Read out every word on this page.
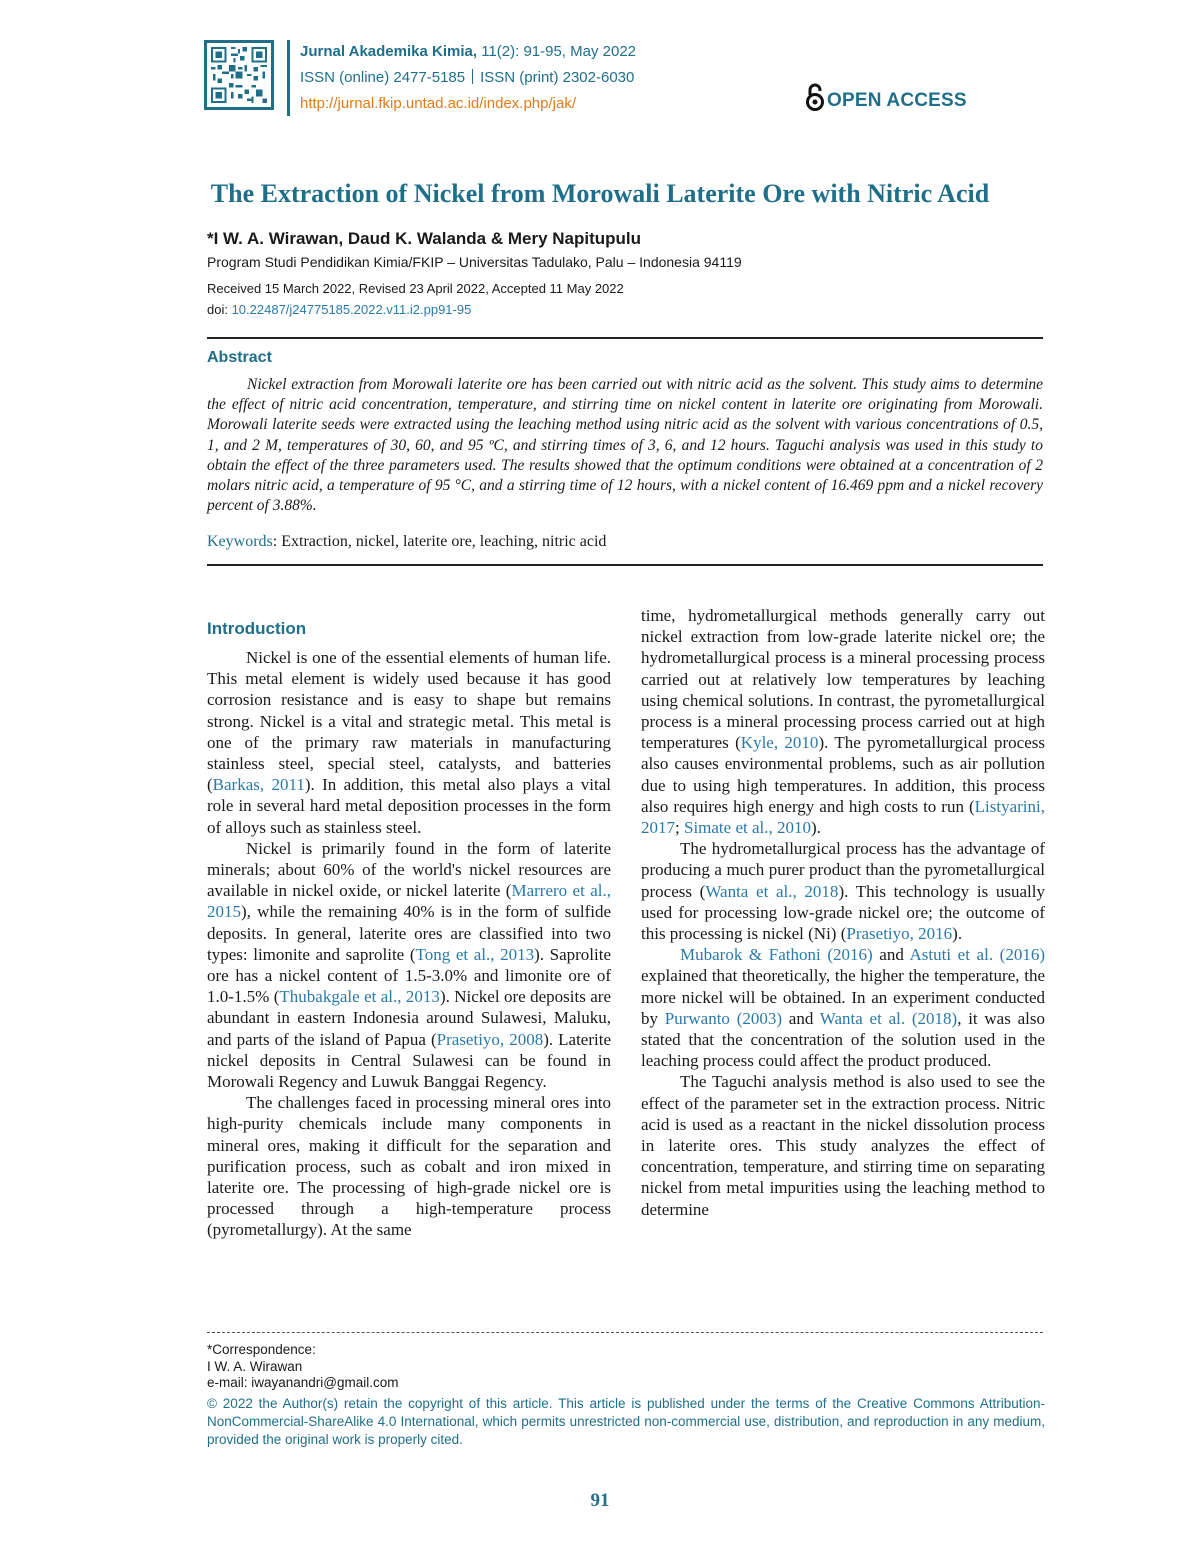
Jurnal Akademika Kimia, 11(2): 91-95, May 2022
ISSN (online) 2477-5185 ISSN (print) 2302-6030
http://jurnal.fkip.untad.ac.id/index.php/jak/	OPEN ACCESS
The Extraction of Nickel from Morowali Laterite Ore with Nitric Acid
*I W. A. Wirawan, Daud K. Walanda & Mery Napitupulu
Program Studi Pendidikan Kimia/FKIP – Universitas Tadulako, Palu – Indonesia 94119
Received 15 March 2022, Revised 23 April 2022, Accepted 11 May 2022
doi: 10.22487/j24775185.2022.v11.i2.pp91-95
Abstract
Nickel extraction from Morowali laterite ore has been carried out with nitric acid as the solvent. This study aims to determine the effect of nitric acid concentration, temperature, and stirring time on nickel content in laterite ore originating from Morowali. Morowali laterite seeds were extracted using the leaching method using nitric acid as the solvent with various concentrations of 0.5, 1, and 2 M, temperatures of 30, 60, and 95 ºC, and stirring times of 3, 6, and 12 hours. Taguchi analysis was used in this study to obtain the effect of the three parameters used. The results showed that the optimum conditions were obtained at a concentration of 2 molars nitric acid, a temperature of 95 °C, and a stirring time of 12 hours, with a nickel content of 16.469 ppm and a nickel recovery percent of 3.88%.
Keywords: Extraction, nickel, laterite ore, leaching, nitric acid
Introduction

Nickel is one of the essential elements of human life. This metal element is widely used because it has good corrosion resistance and is easy to shape but remains strong. Nickel is a vital and strategic metal. This metal is one of the primary raw materials in manufacturing stainless steel, special steel, catalysts, and batteries (Barkas, 2011). In addition, this metal also plays a vital role in several hard metal deposition processes in the form of alloys such as stainless steel.

Nickel is primarily found in the form of laterite minerals; about 60% of the world's nickel resources are available in nickel oxide, or nickel laterite (Marrero et al., 2015), while the remaining 40% is in the form of sulfide deposits. In general, laterite ores are classified into two types: limonite and saprolite (Tong et al., 2013). Saprolite ore has a nickel content of 1.5-3.0% and limonite ore of 1.0-1.5% (Thubakgale et al., 2013). Nickel ore deposits are abundant in eastern Indonesia around Sulawesi, Maluku, and parts of the island of Papua (Prasetiyo, 2008). Laterite nickel deposits in Central Sulawesi can be found in Morowali Regency and Luwuk Banggai Regency.

The challenges faced in processing mineral ores into high-purity chemicals include many components in mineral ores, making it difficult for the separation and purification process, such as cobalt and iron mixed in laterite ore. The processing of high-grade nickel ore is processed through a high-temperature process (pyrometallurgy). At the same

time, hydrometallurgical methods generally carry out nickel extraction from low-grade laterite nickel ore; the hydrometallurgical process is a mineral processing process carried out at relatively low temperatures by leaching using chemical solutions. In contrast, the pyrometallurgical process is a mineral processing process carried out at high temperatures (Kyle, 2010). The pyrometallurgical process also causes environmental problems, such as air pollution due to using high temperatures. In addition, this process also requires high energy and high costs to run (Listyarini, 2017; Simate et al., 2010).

The hydrometallurgical process has the advantage of producing a much purer product than the pyrometallurgical process (Wanta et al., 2018). This technology is usually used for processing low-grade nickel ore; the outcome of this processing is nickel (Ni) (Prasetiyo, 2016).

Mubarok & Fathoni (2016) and Astuti et al. (2016) explained that theoretically, the higher the temperature, the more nickel will be obtained. In an experiment conducted by Purwanto (2003) and Wanta et al. (2018), it was also stated that the concentration of the solution used in the leaching process could affect the product produced.

The Taguchi analysis method is also used to see the effect of the parameter set in the extraction process. Nitric acid is used as a reactant in the nickel dissolution process in laterite ores. This study analyzes the effect of concentration, temperature, and stirring time on separating nickel from metal impurities using the leaching method to determine

*Correspondence:
I W. A. Wirawan
e-mail: iwayanandri@gmail.com
© 2022 the Author(s) retain the copyright of this article. This article is published under the terms of the Creative Commons Attribution-NonCommercial-ShareAlike 4.0 International, which permits unrestricted non-commercial use, distribution, and reproduction in any medium, provided the original work is properly cited.
91
